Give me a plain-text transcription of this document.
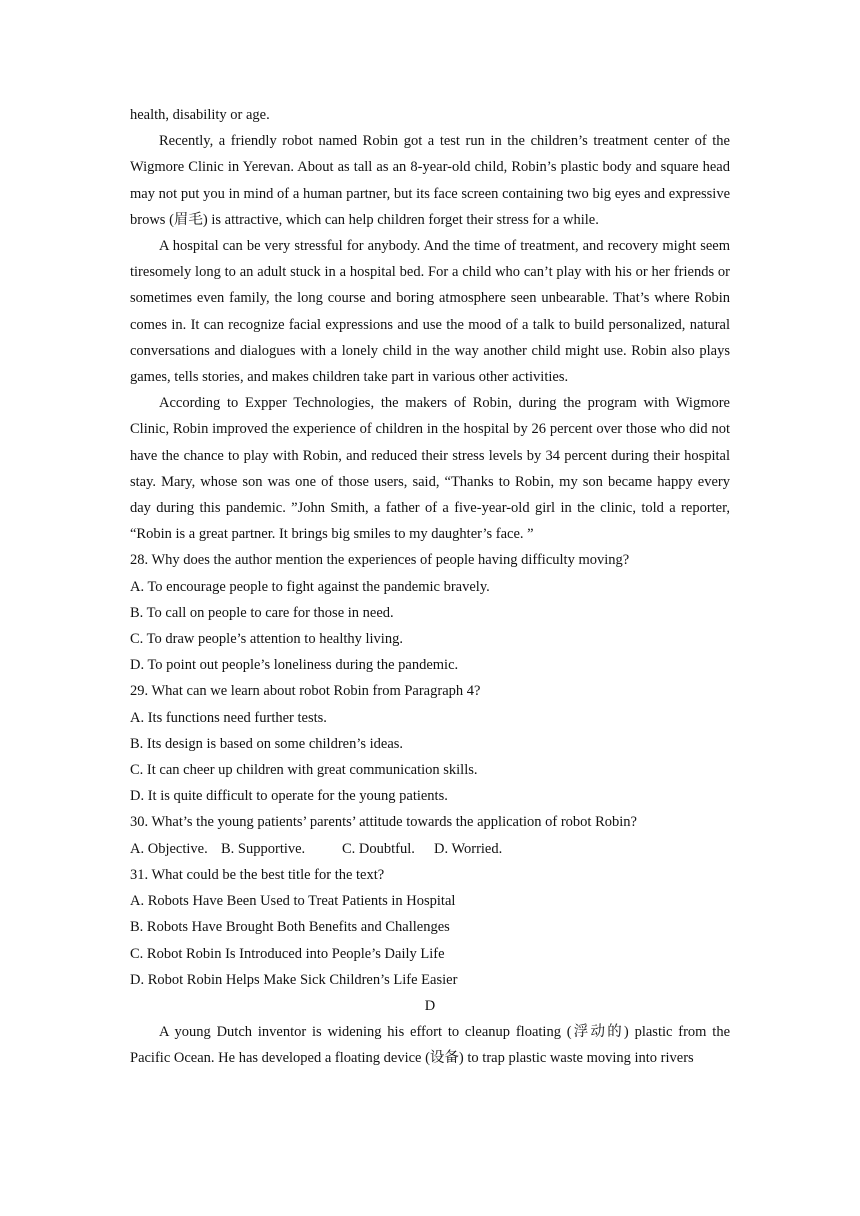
health, disability or age.

Recently, a friendly robot named Robin got a test run in the children’s treatment center of the Wigmore Clinic in Yerevan. About as tall as an 8-year-old child, Robin’s plastic body and square head may not put you in mind of a human partner, but its face screen containing two big eyes and expressive brows (眉毛) is attractive, which can help children forget their stress for a while.

A hospital can be very stressful for anybody. And the time of treatment, and recovery might seem tiresomely long to an adult stuck in a hospital bed. For a child who can’t play with his or her friends or sometimes even family, the long course and boring atmosphere seen unbearable. That’s where Robin comes in. It can recognize facial expressions and use the mood of a talk to build personalized, natural conversations and dialogues with a lonely child in the way another child might use. Robin also plays games, tells stories, and makes children take part in various other activities.

According to Expper Technologies, the makers of Robin, during the program with Wigmore Clinic, Robin improved the experience of children in the hospital by 26 percent over those who did not have the chance to play with Robin, and reduced their stress levels by 34 percent during their hospital stay. Mary, whose son was one of those users, said, “Thanks to Robin, my son became happy every day during this pandemic. ”John Smith, a father of a five-year-old girl in the clinic, told a reporter, “Robin is a great partner. It brings big smiles to my daughter’s face. ”

28. Why does the author mention the experiences of people having difficulty moving?
A. To encourage people to fight against the pandemic bravely.
B. To call on people to care for those in need.
C. To draw people’s attention to healthy living.
D. To point out people’s loneliness during the pandemic.
29. What can we learn about robot Robin from Paragraph 4?
A. Its functions need further tests.
B. Its design is based on some children’s ideas.
C. It can cheer up children with great communication skills.
D. It is quite difficult to operate for the young patients.
30. What’s the young patients’ parents’ attitude towards the application of robot Robin?
A. Objective. B. Supportive.	C. Doubtful. D. Worried.
31. What could be the best title for the text?
A. Robots Have Been Used to Treat Patients in Hospital
B. Robots Have Brought Both Benefits and Challenges
C. Robot Robin Is Introduced into People’s Daily Life
D. Robot Robin Helps Make Sick Children’s Life Easier
D

A young Dutch inventor is widening his effort to cleanup floating (浮动的) plastic from the Pacific Ocean. He has developed a floating device (设备) to trap plastic waste moving into rivers
